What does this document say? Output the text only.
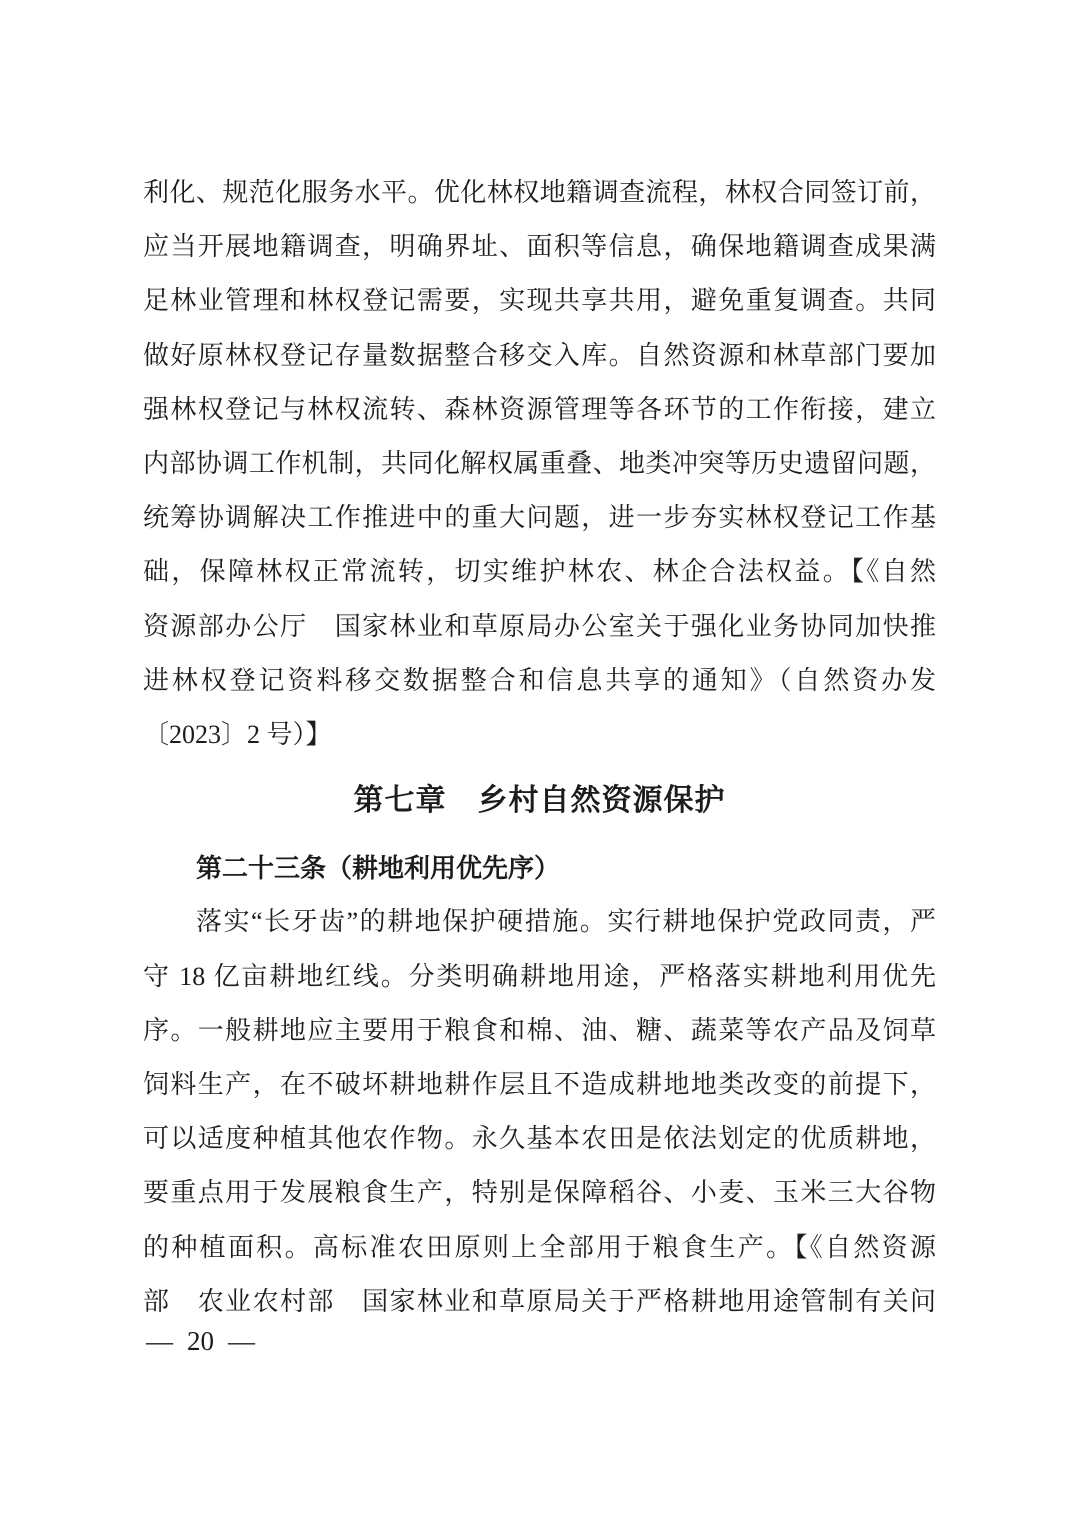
利化、规范化服务水平。优化林权地籍调查流程，林权合同签订前，
应当开展地籍调查，明确界址、面积等信息，确保地籍调查成果满
足林业管理和林权登记需要，实现共享共用，避免重复调查。共同
做好原林权登记存量数据整合移交入库。自然资源和林草部门要加
强林权登记与林权流转、森林资源管理等各环节的工作衔接，建立
内部协调工作机制，共同化解权属重叠、地类冲突等历史遗留问题，
统筹协调解决工作推进中的重大问题，进一步夯实林权登记工作基
础，保障林权正常流转，切实维护林农、林企合法权益。【《自然
资源部办公厅　国家林业和草原局办公室关于强化业务协同加快推
进林权登记资料移交数据整合和信息共享的通知》（自然资办发
〔2023〕2 号）】
第七章　乡村自然资源保护
第二十三条（耕地利用优先序）
落实“长牙齿”的耕地保护硬措施。实行耕地保护党政同责，严
守 18 亿亩耕地红线。分类明确耕地用途，严格落实耕地利用优先
序。一般耕地应主要用于粮食和棉、油、糖、蔬菜等农产品及饲草
饲料生产，在不破坏耕地耕作层且不造成耕地地类改变的前提下，
可以适度种植其他农作物。永久基本农田是依法划定的优质耕地，
要重点用于发展粮食生产，特别是保障稻谷、小麦、玉米三大谷物
的种植面积。高标准农田原则上全部用于粮食生产。【《自然资源
部　农业农村部　国家林业和草原局关于严格耕地用途管制有关问
— 20 —
